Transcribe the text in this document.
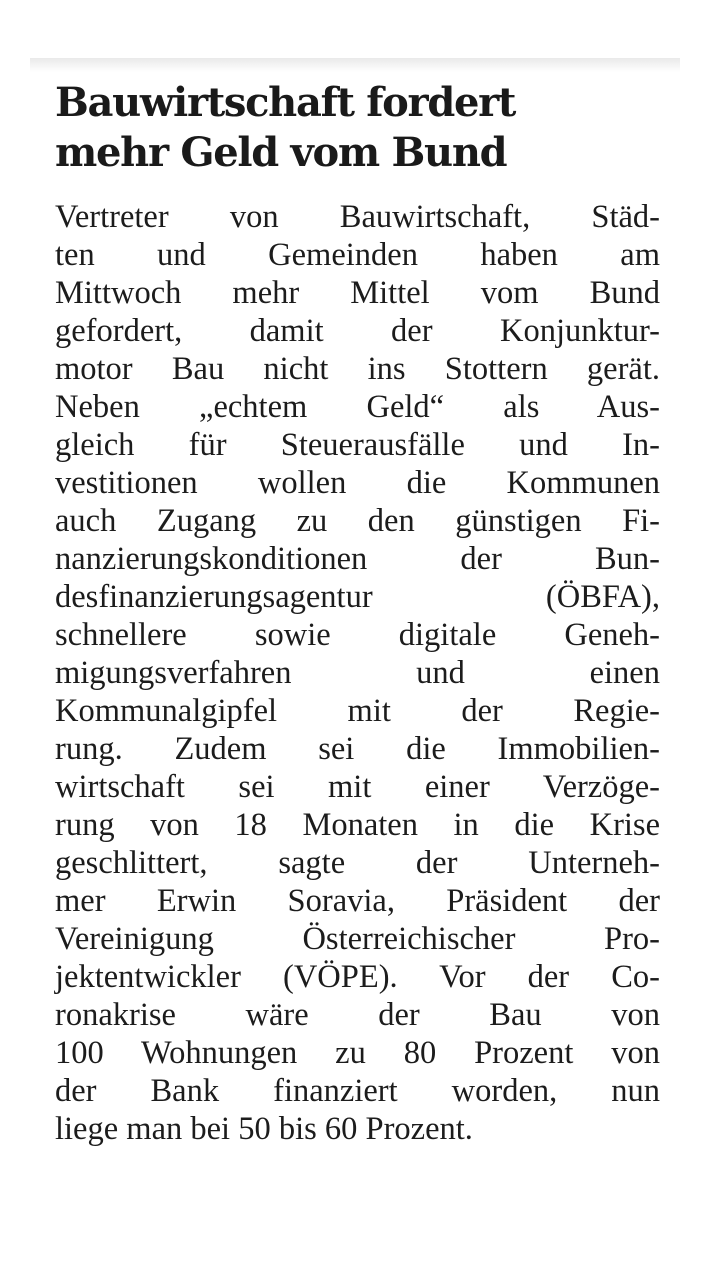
Bauwirtschaft fordert
mehr Geld vom Bund
Vertreter von Bauwirtschaft, Städ-
ten und Gemeinden haben am
Mittwoch mehr Mittel vom Bund
gefordert, damit der Konjunktur-
motor Bau nicht ins Stottern gerät.
Neben „echtem Geld“ als Aus-
gleich für Steuerausfälle und In-
vestitionen wollen die Kommunen
auch Zugang zu den günstigen Fi-
nanzierungskonditionen der Bun-
desfinanzierungsagentur (ÖBFA),
schnellere sowie digitale Geneh-
migungsverfahren und einen
Kommunalgipfel mit der Regie-
rung. Zudem sei die Immobilien-
wirtschaft sei mit einer Verzöge-
rung von 18 Monaten in die Krise
geschlittert, sagte der Unterneh-
mer Erwin Soravia, Präsident der
Vereinigung Österreichischer Pro-
jektentwickler (VÖPE). Vor der Co-
ronakrise wäre der Bau von
100 Wohnungen zu 80 Prozent von
der Bank finanziert worden, nun
liege man bei 50 bis 60 Prozent.
